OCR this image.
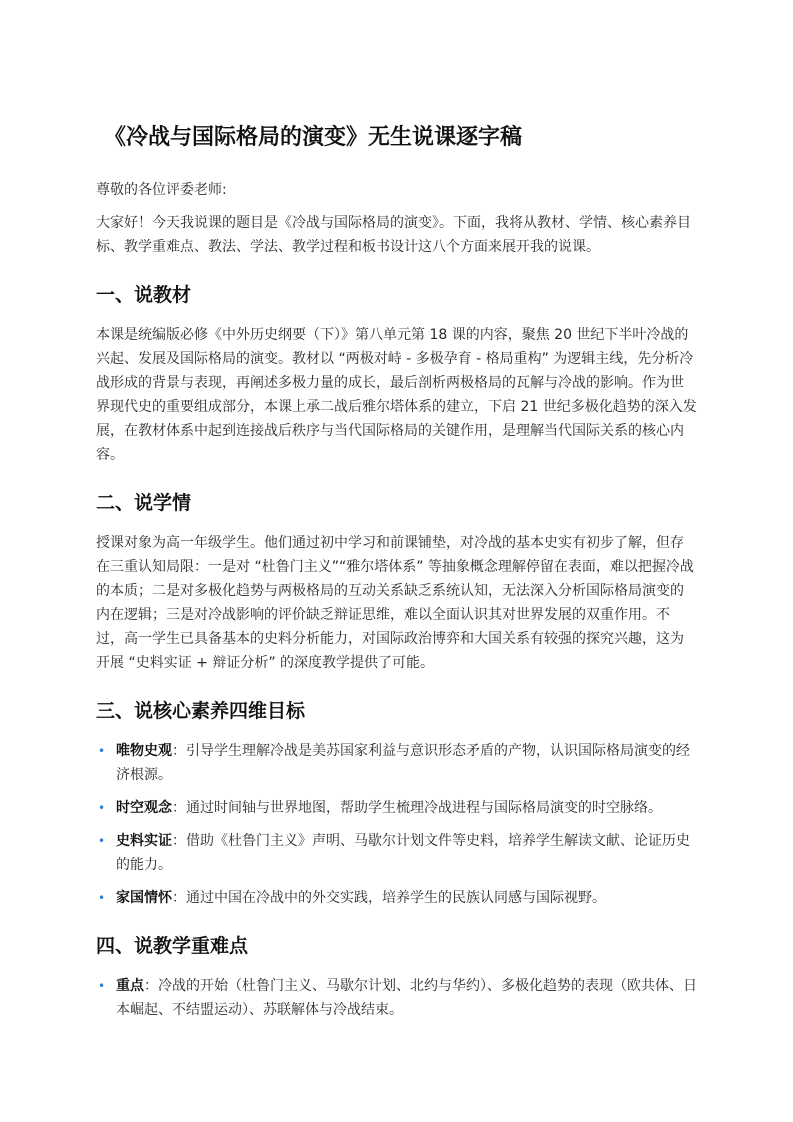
《冷战与国际格局的演变》无生说课逐字稿

尊敬的各位评委老师:

大家好！今天我说课的题目是《冷战与国际格局的演变》。下面，我将从教材、学情、核心素养目标、教学重难点、教法、学法、教学过程和板书设计这八个方面来展开我的说课。

一、说教材

本课是统编版必修《中外历史纲要（下）》第八单元第 18 课的内容，聚焦 20 世纪下半叶冷战的兴起、发展及国际格局的演变。教材以 “两极对峙 - 多极孕育 - 格局重构” 为逻辑主线，先分析冷战形成的背景与表现，再阐述多极力量的成长，最后剖析两极格局的瓦解与冷战的影响。作为世界现代史的重要组成部分，本课上承二战后雅尔塔体系的建立，下启 21 世纪多极化趋势的深入发展，在教材体系中起到连接战后秩序与当代国际格局的关键作用，是理解当代国际关系的核心内容。

二、说学情

授课对象为高一年级学生。他们通过初中学习和前课铺垫，对冷战的基本史实有初步了解，但存在三重认知局限：一是对 “杜鲁门主义”“雅尔塔体系” 等抽象概念理解停留在表面，难以把握冷战的本质；二是对多极化趋势与两极格局的互动关系缺乏系统认知，无法深入分析国际格局演变的内在逻辑；三是对冷战影响的评价缺乏辩证思维，难以全面认识其对世界发展的双重作用。不过，高一学生已具备基本的史料分析能力，对国际政治博弈和大国关系有较强的探究兴趣，这为开展 “史料实证 + 辩证分析” 的深度教学提供了可能。

三、说核心素养四维目标
• 唯物史观：引导学生理解冷战是美苏国家利益与意识形态矛盾的产物，认识国际格局演变的经济根源。
• 时空观念：通过时间轴与世界地图，帮助学生梳理冷战进程与国际格局演变的时空脉络。
• 史料实证：借助《杜鲁门主义》声明、马歇尔计划文件等史料，培养学生解读文献、论证历史的能力。
• 家国情怀：通过中国在冷战中的外交实践，培养学生的民族认同感与国际视野。
四、说教学重难点
• 重点：冷战的开始（杜鲁门主义、马歇尔计划、北约与华约）、多极化趋势的表现（欧共体、日本崛起、不结盟运动）、苏联解体与冷战结束。
